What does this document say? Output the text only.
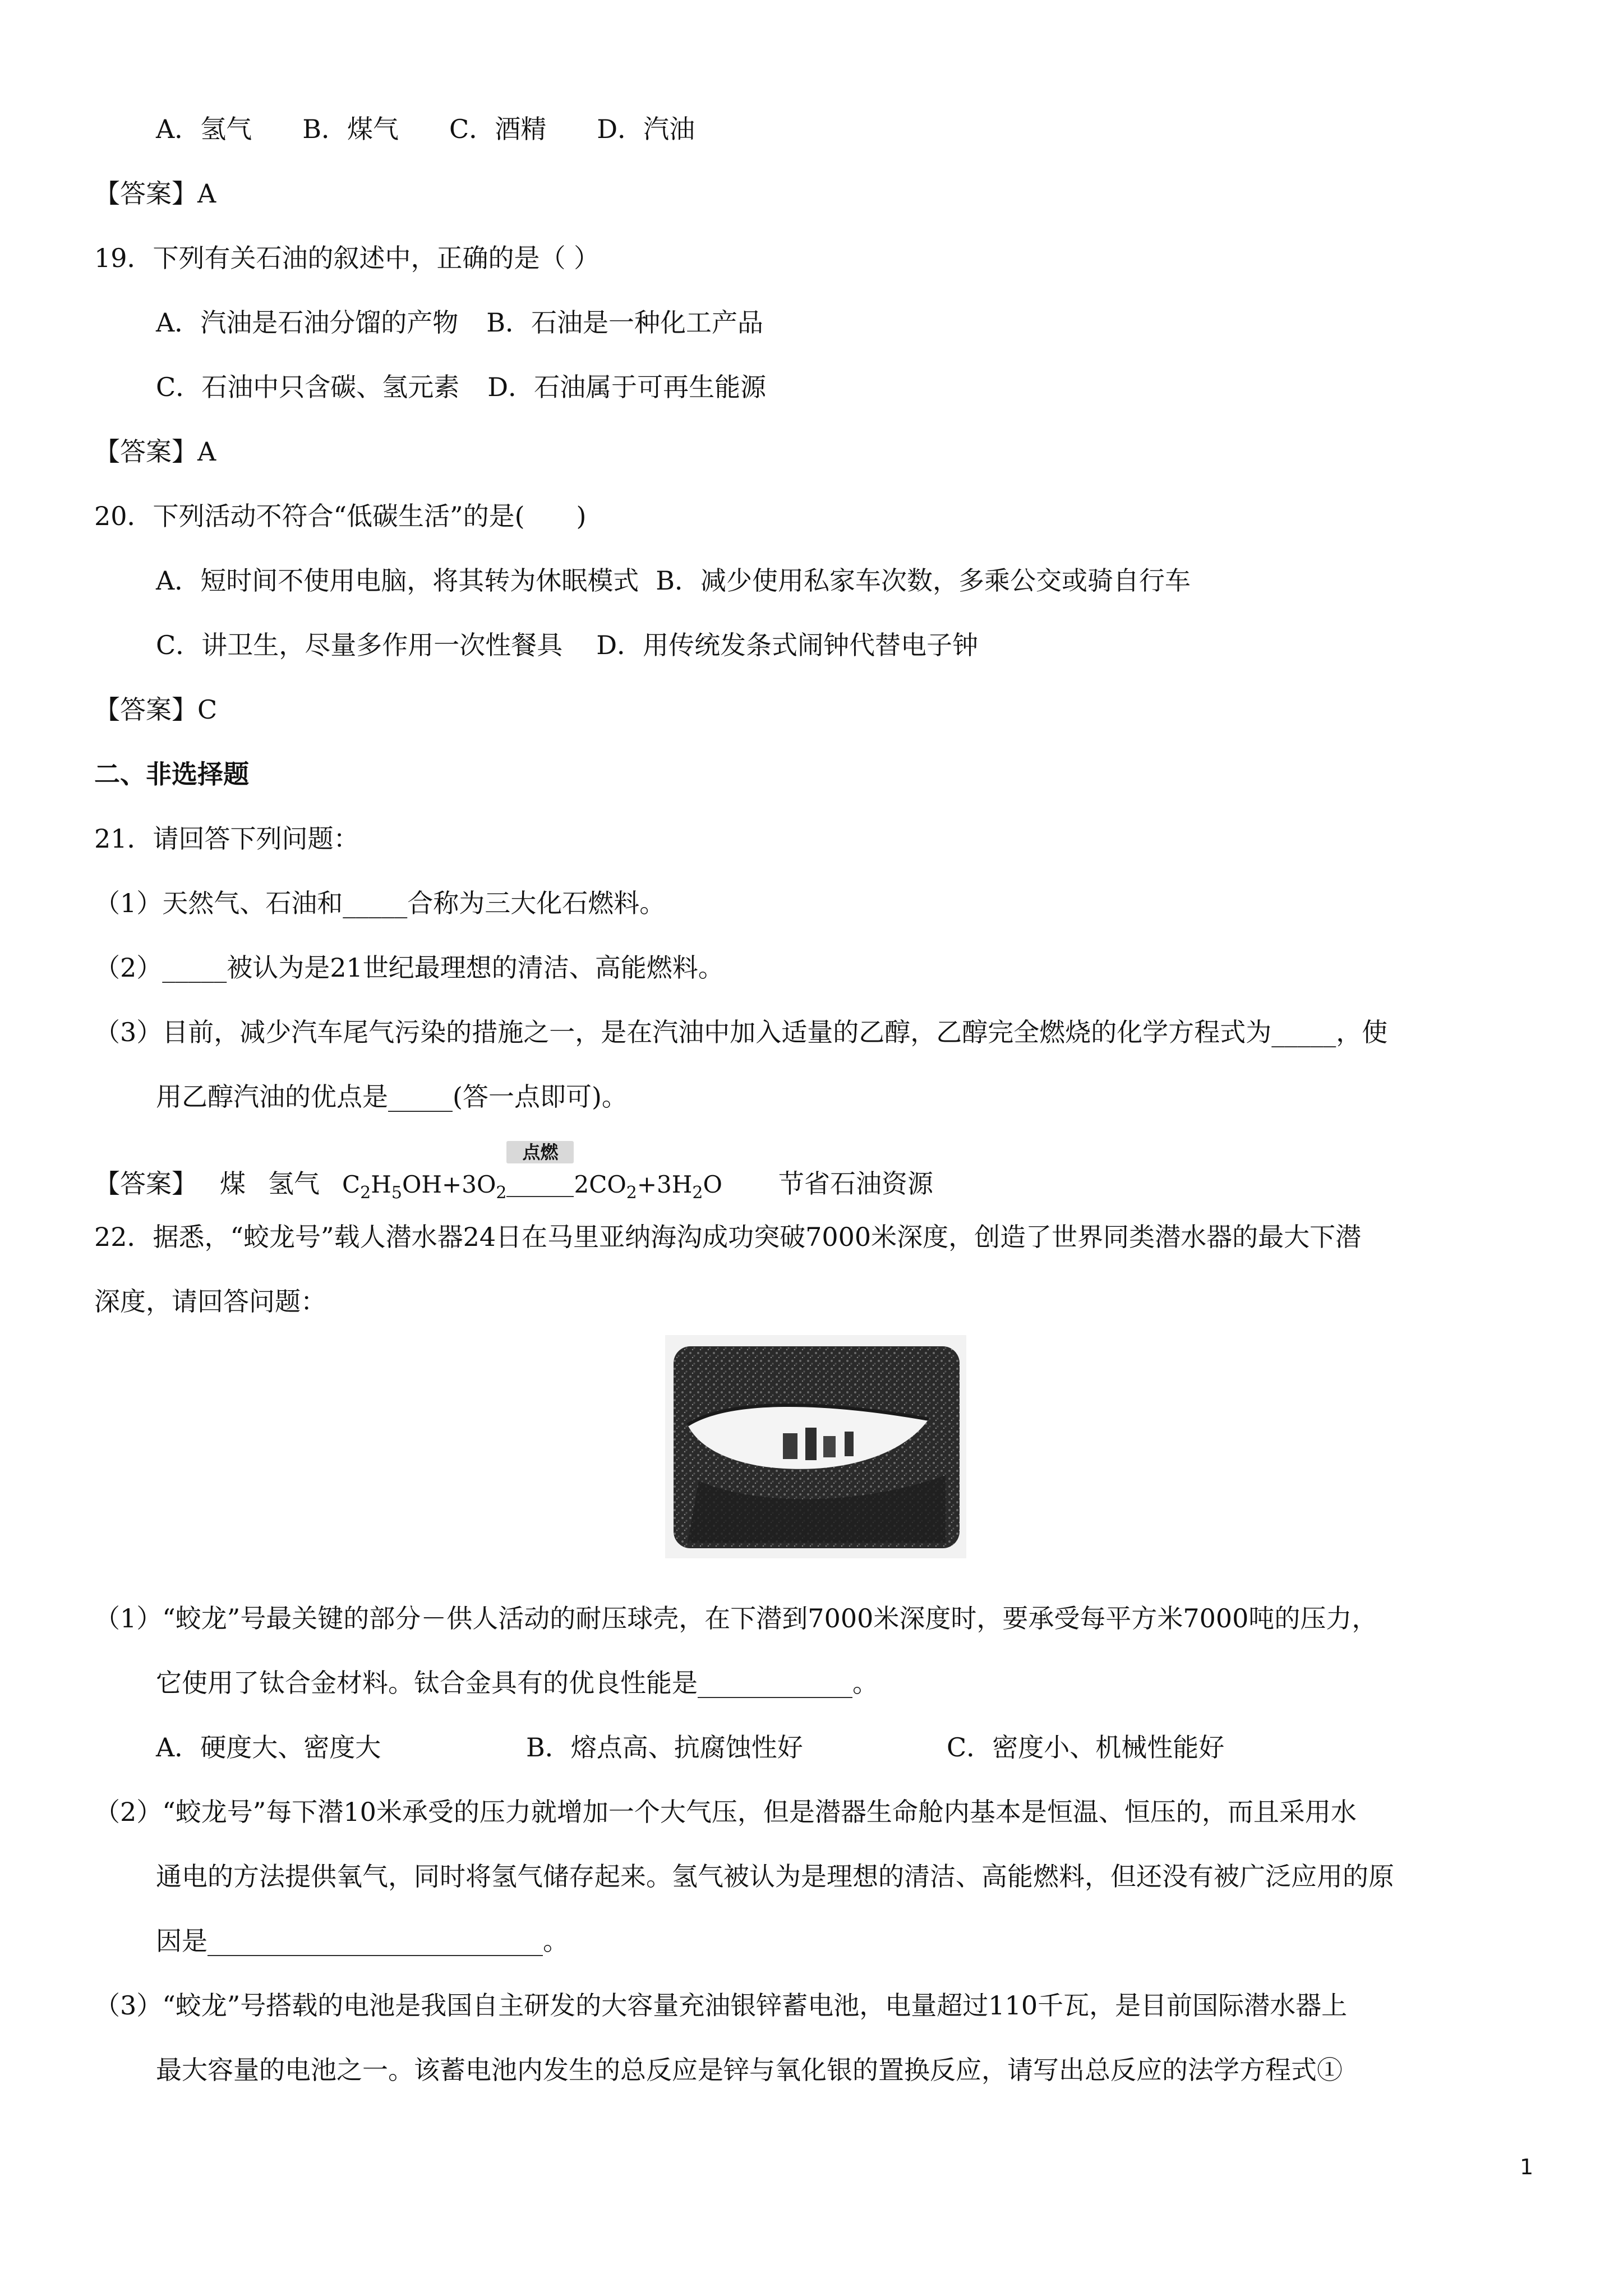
A．氢气 B．煤气 C．酒精 D．汽油
【答案】A
19．下列有关石油的叙述中，正确的是（ ）
A．汽油是石油分馏的产物 B．石油是一种化工产品
C．石油中只含碳、氢元素 D．石油属于可再生能源
【答案】A
20．下列活动不符合“低碳生活”的是(　　)
A．短时间不使用电脑，将其转为休眠模式 B．减少使用私家车次数，多乘公交或骑自行车
C．讲卫生，尽量多作用一次性餐具 D．用传统发条式闹钟代替电子钟
【答案】C
二、非选择题
21．请回答下列问题：
（1）天然气、石油和_____合称为三大化石燃料。
（2）_____被认为是21世纪最理想的清洁、高能燃料。
（3）目前，减少汽车尾气污染的措施之一，是在汽油中加入适量的乙醇，乙醇完全燃烧的化学方程式为_____，使
用乙醇汽油的优点是_____(答一点即可)。
【答案】 煤 氢气 $C_2H_5OH+3O_2$
点燃
$2CO_2+3H_2O$ 节省石油资源
22．据悉，“蛟龙号”载人潜水器24日在马里亚纳海沟成功突破7000米深度，创造了世界同类潜水器的最大下潜
深度，请回答问题：
（1）“蛟龙”号最关键的部分－供人活动的耐压球壳，在下潜到7000米深度时，要承受每平方米7000吨的压力，
它使用了钛合金材料。钛合金具有的优良性能是____________。
A．硬度大、密度大	B．熔点高、抗腐蚀性好	C．密度小、机械性能好
（2）“蛟龙号”每下潜10米承受的压力就增加一个大气压，但是潜器生命舱内基本是恒温、恒压的，而且采用水
通电的方法提供氧气，同时将氢气储存起来。氢气被认为是理想的清洁、高能燃料，但还没有被广泛应用的原
因是__________________________。
（3）“蛟龙”号搭载的电池是我国自主研发的大容量充油银锌蓄电池，电量超过110千瓦，是目前国际潜水器上
最大容量的电池之一。该蓄电池内发生的总反应是锌与氧化银的置换反应，请写出总反应的法学方程式①
1
